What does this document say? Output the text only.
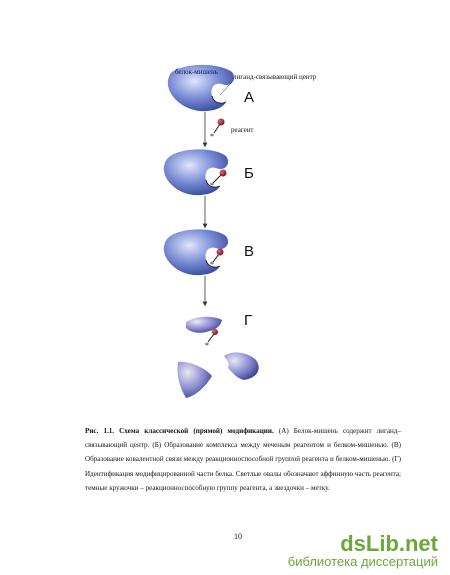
*
*
*
*
белок-мишень
лиганд-связывающий центр
реагент
А
Б
В
Г
Рис. 1.1. Схема классической (прямой) модификации. (А) Белок-мишень содержит лиганд–связывающий центр. (Б) Образование комплекса между меченым реагентом и белком-мишенью. (В) Образование ковалентной связи между реакционноспособной группой реагента и белком-мишенью. (Г) Идентификация модифицированной части белка. Светлые овалы обозначают аффинную часть реагента; темные кружочки – реакционноспособную группу реагента, а звездочки – метку.
10	dsLib.net
библиотека диссертаций
